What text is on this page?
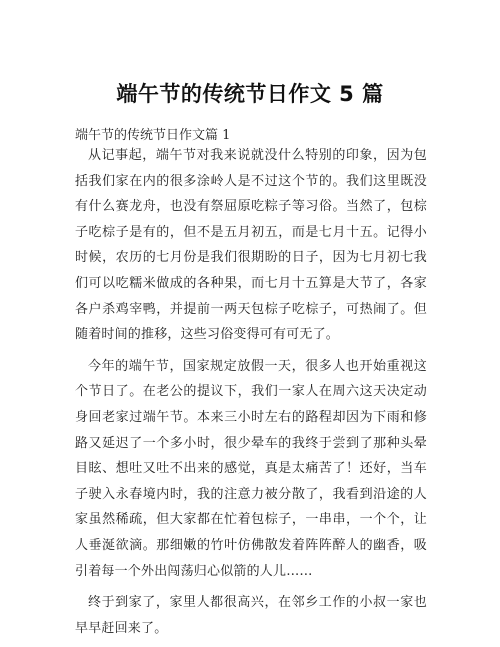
端午节的传统节日作文 5 篇
端午节的传统节日作文篇 1

从记事起，端午节对我来说就没什么特别的印象，因为包括我们家在内的很多涂岭人是不过这个节的。我们这里既没有什么赛龙舟，也没有祭屈原吃粽子等习俗。当然了，包棕子吃棕子是有的，但不是五月初五，而是七月十五。记得小时候，农历的七月份是我们很期盼的日子，因为七月初七我们可以吃糯米做成的各种果，而七月十五算是大节了，各家各户杀鸡宰鸭，并提前一两天包棕子吃棕子，可热闹了。但随着时间的推移，这些习俗变得可有可无了。

今年的端午节，国家规定放假一天，很多人也开始重视这个节日了。在老公的提议下，我们一家人在周六这天决定动身回老家过端午节。本来三小时左右的路程却因为下雨和修路又延迟了一个多小时，很少晕车的我终于尝到了那种头晕目眩、想吐又吐不出来的感觉，真是太痛苦了！还好，当车子驶入永春境内时，我的注意力被分散了，我看到沿途的人家虽然稀疏，但大家都在忙着包棕子，一串串，一个个，让人垂涎欲滴。那细嫩的竹叶仿佛散发着阵阵醉人的幽香，吸引着每一个外出闯荡归心似箭的人儿……

终于到家了，家里人都很高兴，在邻乡工作的小叔一家也早早赶回来了。
